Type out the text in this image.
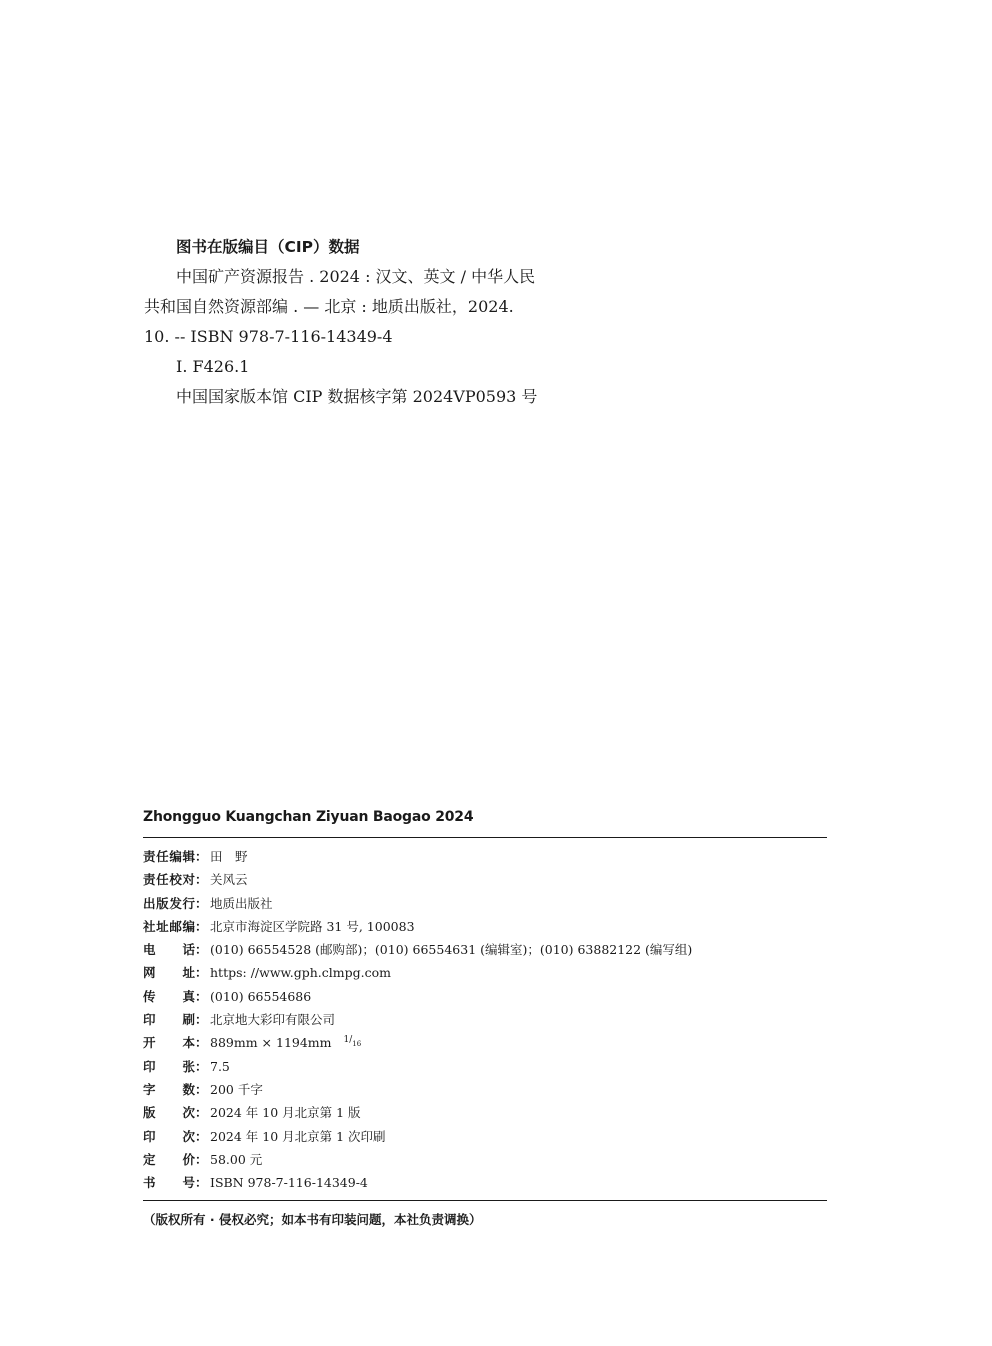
图书在版编目（CIP）数据
中国矿产资源报告 . 2024 : 汉文、英文 / 中华人民
共和国自然资源部编 . — 北京 : 地质出版社，2024.
10. -- ISBN 978-7-116-14349-4
Ⅰ. F426.1
中国国家版本馆 CIP 数据核字第 2024VP0593 号
Zhongguo Kuangchan Ziyuan Baogao 2024
责 任 编 辑 ： 田　野
责 任 校 对 ： 关风云
出 版 发 行 ： 地质出版社
社 址 邮 编 ： 北京市海淀区学院路 31 号, 100083
电 话 ： (010) 66554528 (邮购部)；(010) 66554631 (编辑室)；(010) 63882122 (编写组)
网 址 ： https: //www.gph.clmpg.com
传 真 ： (010) 66554686
印 刷 ： 北京地大彩印有限公司
开 本 ： 889mm × 1194mm $1/_{16}$
印 张 ： 7.5
字 数 ： 200 千字
版 次 ： 2024 年 10 月北京第 1 版
印 次 ： 2024 年 10 月北京第 1 次印刷
定 价 ： 58.00 元
书 号 ： ISBN 978-7-116-14349-4
（版权所有 · 侵权必究；如本书有印装问题，本社负责调换）
